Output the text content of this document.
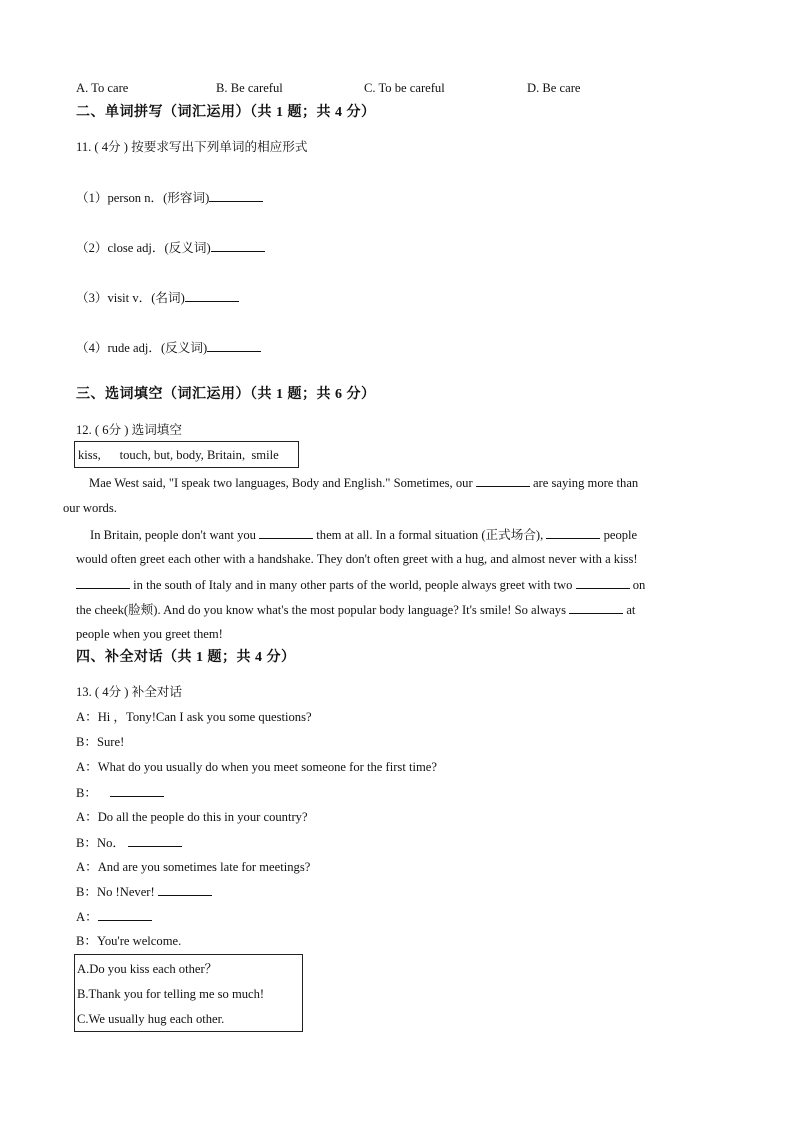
A. To care	B. Be careful	C. To be careful	D. Be care
二、单词拼写（词汇运用）（共 1 题；共 4 分）
11. ( 4分 ) 按要求写出下列单词的相应形式
（1）person n．(形容词)
（2）close adj．(反义词)
（3）visit v．(名词)
（4）rude adj．(反义词)
三、选词填空（词汇运用）（共 1 题；共 6 分）
12. ( 6分 ) 选词填空
kiss,      touch, but, body, Britain,  smile
Mae West said, "I speak two languages, Body and English." Sometimes, our	are saying more than
our words.
In Britain, people don't want you	them at all. In a formal situation (正式场合),	people
would often greet each other with a handshake. They don't often greet with a hug, and almost never with a kiss!
in the south of Italy and in many other parts of the world, people always greet with two	on
the cheek(脸颊). And do you know what's the most popular body language? It's smile! So always	at
people when you greet them!
四、补全对话（共 1 题；共 4 分）
13. ( 4分 ) 补全对话
A：Hi ，Tony!Can I ask you some questions?
B：Sure!
A：What do you usually do when you meet someone for the first time?
B：
A：Do all the people do this in your country?
B：No．
A：And are you sometimes late for meetings?
B：No !Never!
A：
B：You're welcome.
A.Do you kiss each other？
B.Thank you for telling me so much!
C.We usually hug each other.
